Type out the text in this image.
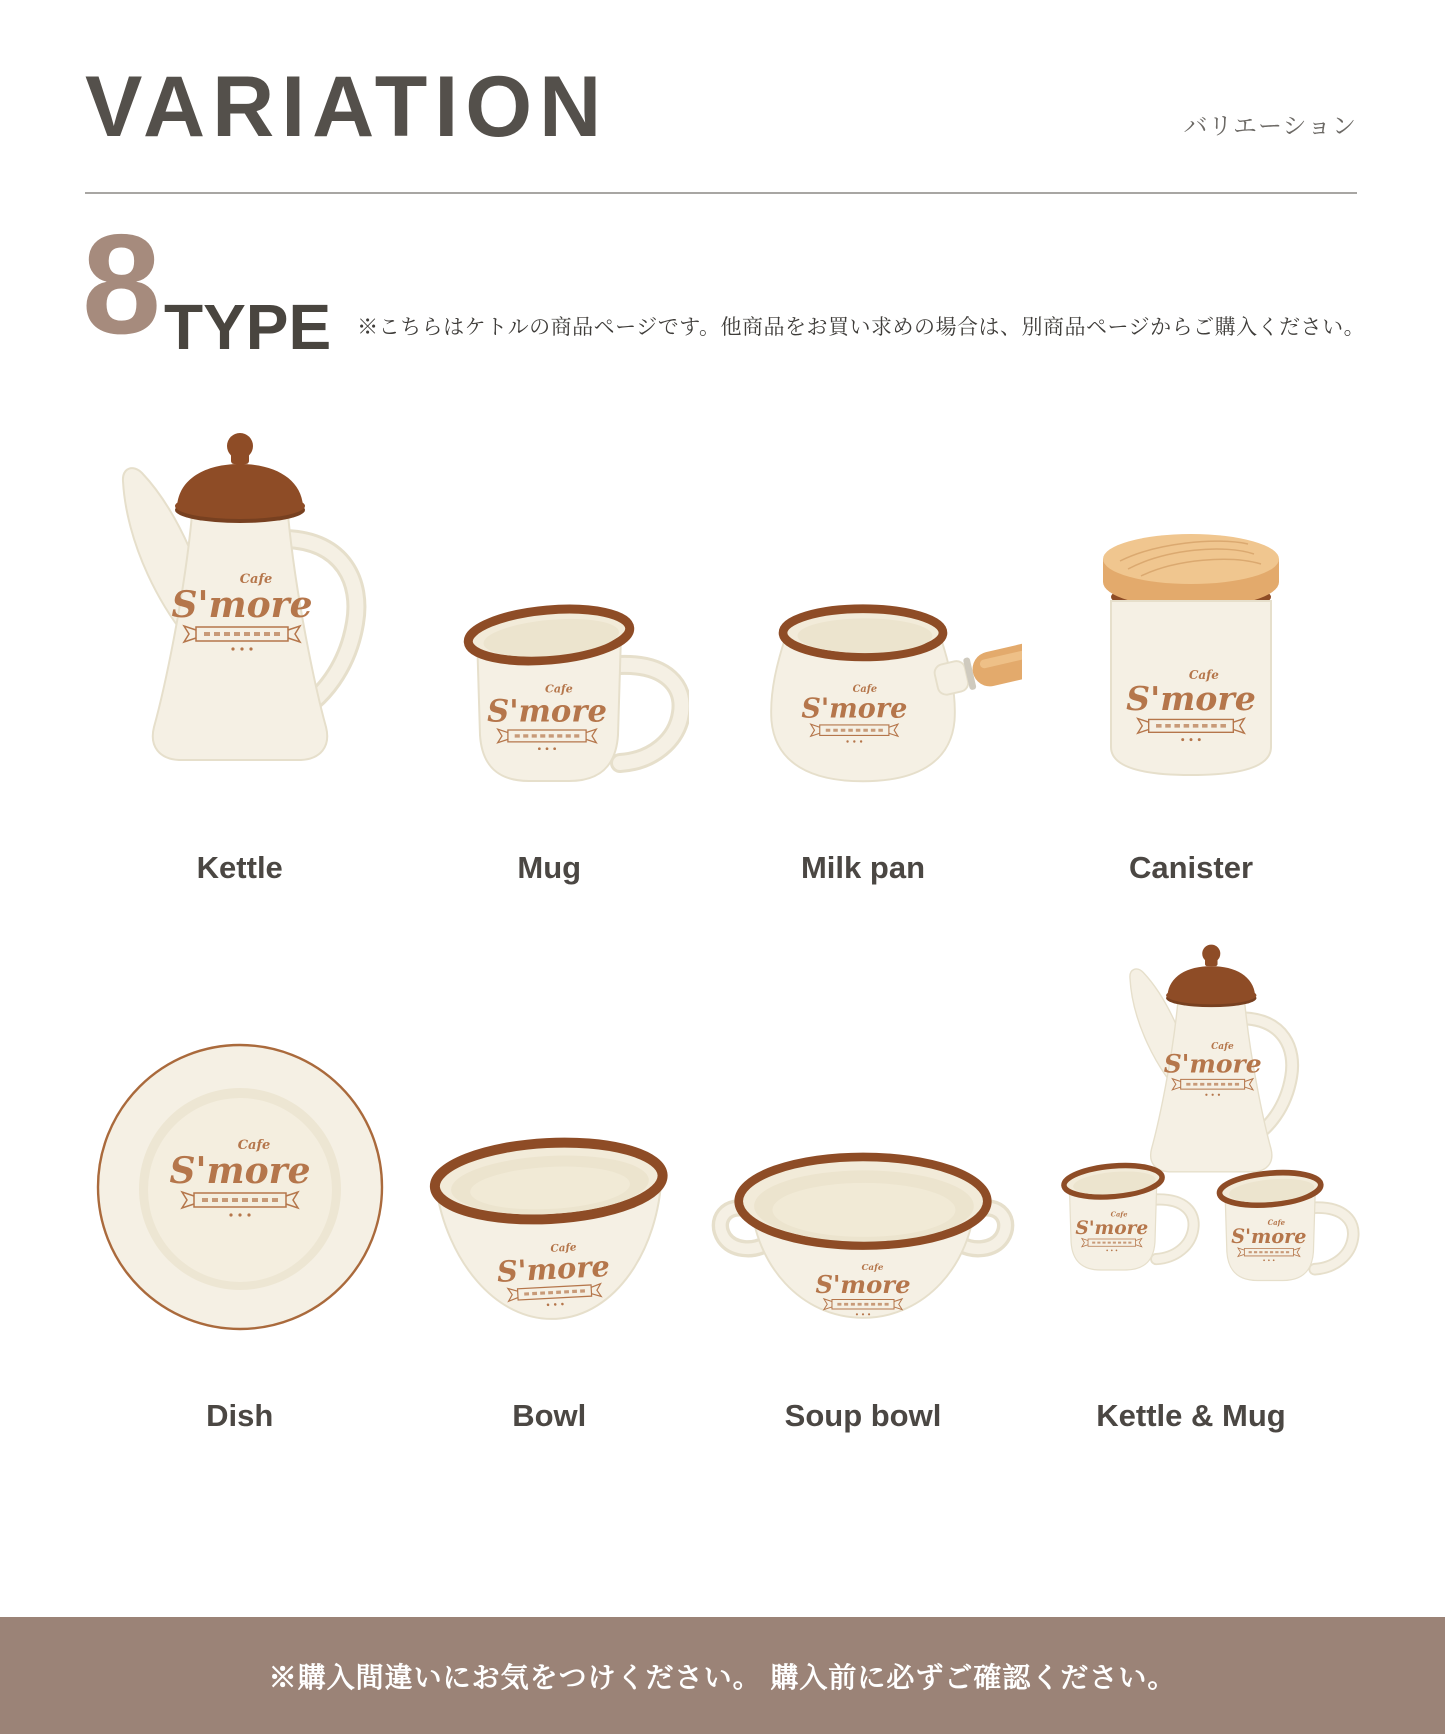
VARIATION	バリエーション
8 TYPE ※こちらはケトルの商品ページです。他商品をお買い求めの場合は、別商品ページからご購入ください。
Kettle	Mug	Milk pan	Canister
Dish	Bowl	Soup bowl	Kettle & Mug
※購入間違いにお気をつけください。 購入前に必ずご確認ください。
